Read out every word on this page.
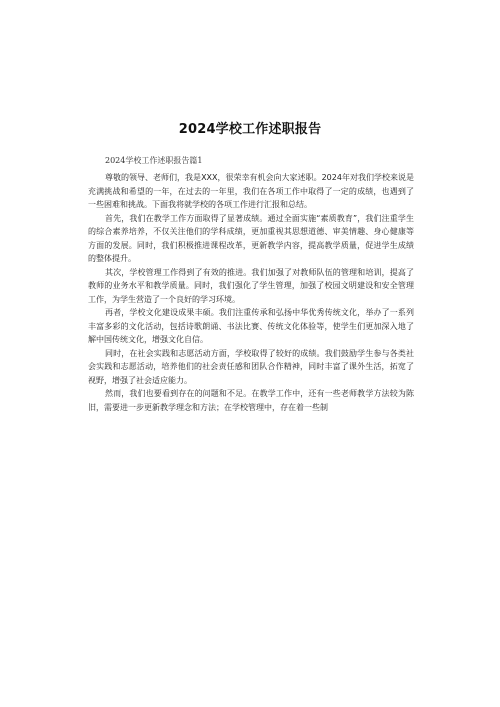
2024学校工作述职报告
2024学校工作述职报告篇1

尊敬的领导、老师们，我是XXX，很荣幸有机会向大家述职。2024年对我们学校来说是充满挑战和希望的一年，在过去的一年里，我们在各项工作中取得了一定的成绩，也遇到了一些困难和挑战。下面我将就学校的各项工作进行汇报和总结。

首先，我们在教学工作方面取得了显著成绩。通过全面实施“素质教育”，我们注重学生的综合素养培养，不仅关注他们的学科成绩，更加重视其思想道德、审美情趣、身心健康等方面的发展。同时，我们积极推进课程改革，更新教学内容，提高教学质量，促进学生成绩的整体提升。

其次，学校管理工作得到了有效的推进。我们加强了对教师队伍的管理和培训，提高了教师的业务水平和教学质量。同时，我们强化了学生管理，加强了校园文明建设和安全管理工作，为学生营造了一个良好的学习环境。

再者，学校文化建设成果丰硕。我们注重传承和弘扬中华优秀传统文化，举办了一系列丰富多彩的文化活动，包括诗歌朗诵、书法比赛、传统文化体验等，使学生们更加深入地了解中国传统文化，增强文化自信。

同时，在社会实践和志愿活动方面，学校取得了较好的成绩。我们鼓励学生参与各类社会实践和志愿活动，培养他们的社会责任感和团队合作精神，同时丰富了课外生活，拓宽了视野，增强了社会适应能力。

然而，我们也要看到存在的问题和不足。在教学工作中，还有一些老师教学方法较为陈旧，需要进一步更新教学理念和方法；在学校管理中，存在着一些制
